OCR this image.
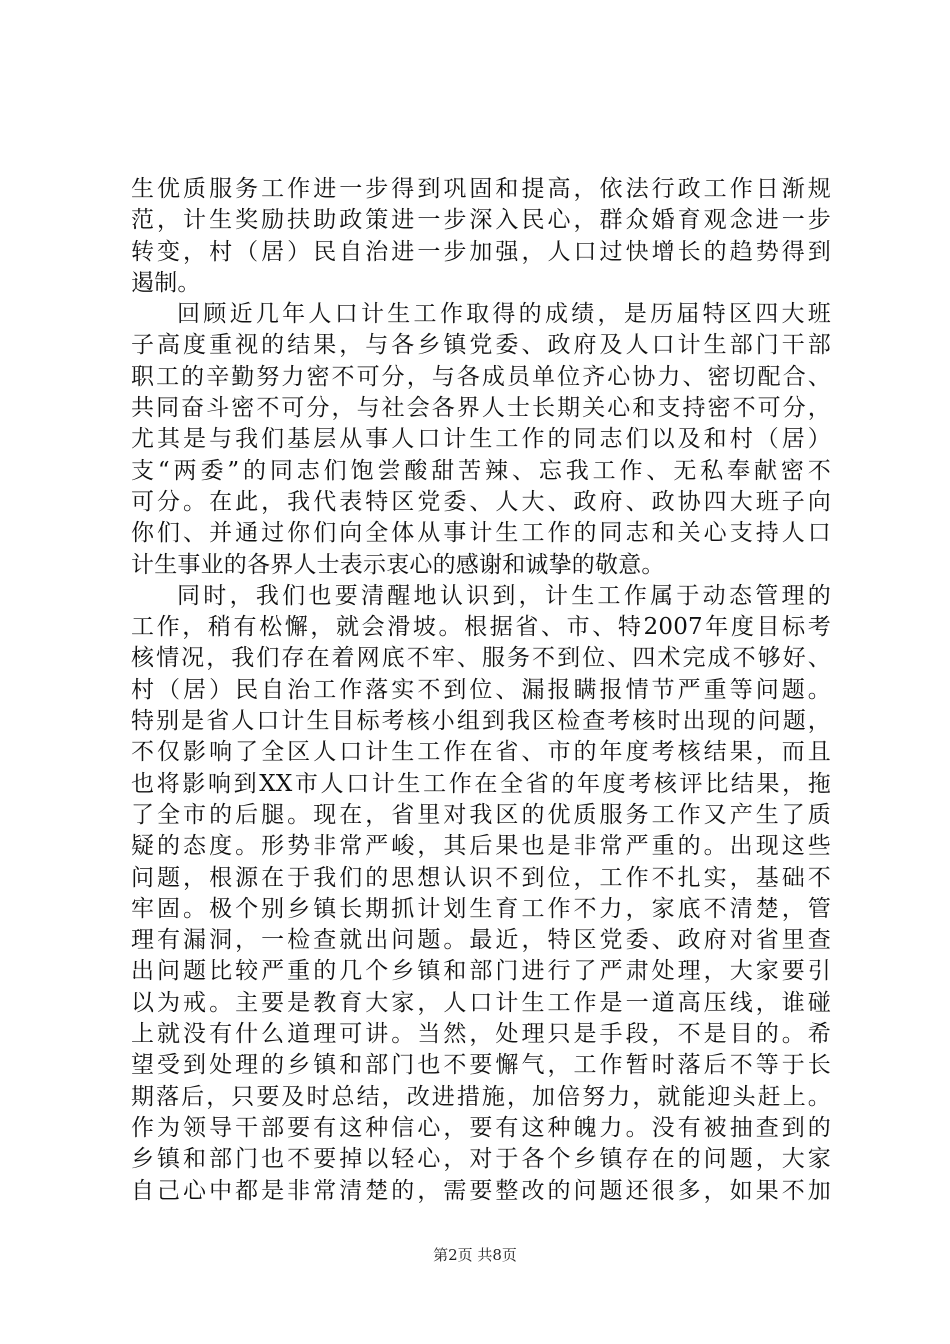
生优质服务工作进一步得到巩固和提高，依法行政工作日渐规
范，计生奖励扶助政策进一步深入民心，群众婚育观念进一步
转变，村（居）民自治进一步加强，人口过快增长的趋势得到
遏制。
回顾近几年人口计生工作取得的成绩，是历届特区四大班
子高度重视的结果，与各乡镇党委、政府及人口计生部门干部
职工的辛勤努力密不可分，与各成员单位齐心协力、密切配合、
共同奋斗密不可分，与社会各界人士长期关心和支持密不可分，
尤其是与我们基层从事人口计生工作的同志们以及和村（居）
支“两委”的同志们饱尝酸甜苦辣、忘我工作、无私奉献密不
可分。在此，我代表特区党委、人大、政府、政协四大班子向
你们、并通过你们向全体从事计生工作的同志和关心支持人口
计生事业的各界人士表示衷心的感谢和诚挚的敬意。
同时，我们也要清醒地认识到，计生工作属于动态管理的
工作，稍有松懈，就会滑坡。根据省、市、特2007年度目标考
核情况，我们存在着网底不牢、服务不到位、四术完成不够好、
村（居）民自治工作落实不到位、漏报瞒报情节严重等问题。
特别是省人口计生目标考核小组到我区检查考核时出现的问题，
不仅影响了全区人口计生工作在省、市的年度考核结果，而且
也将影响到XX市人口计生工作在全省的年度考核评比结果，拖
了全市的后腿。现在，省里对我区的优质服务工作又产生了质
疑的态度。形势非常严峻，其后果也是非常严重的。出现这些
问题，根源在于我们的思想认识不到位，工作不扎实，基础不
牢固。极个别乡镇长期抓计划生育工作不力，家底不清楚，管
理有漏洞，一检查就出问题。最近，特区党委、政府对省里查
出问题比较严重的几个乡镇和部门进行了严肃处理，大家要引
以为戒。主要是教育大家，人口计生工作是一道高压线，谁碰
上就没有什么道理可讲。当然，处理只是手段，不是目的。希
望受到处理的乡镇和部门也不要懈气，工作暂时落后不等于长
期落后，只要及时总结，改进措施，加倍努力，就能迎头赶上。
作为领导干部要有这种信心，要有这种魄力。没有被抽查到的
乡镇和部门也不要掉以轻心，对于各个乡镇存在的问题，大家
自己心中都是非常清楚的，需要整改的问题还很多，如果不加
第2页 共8页
